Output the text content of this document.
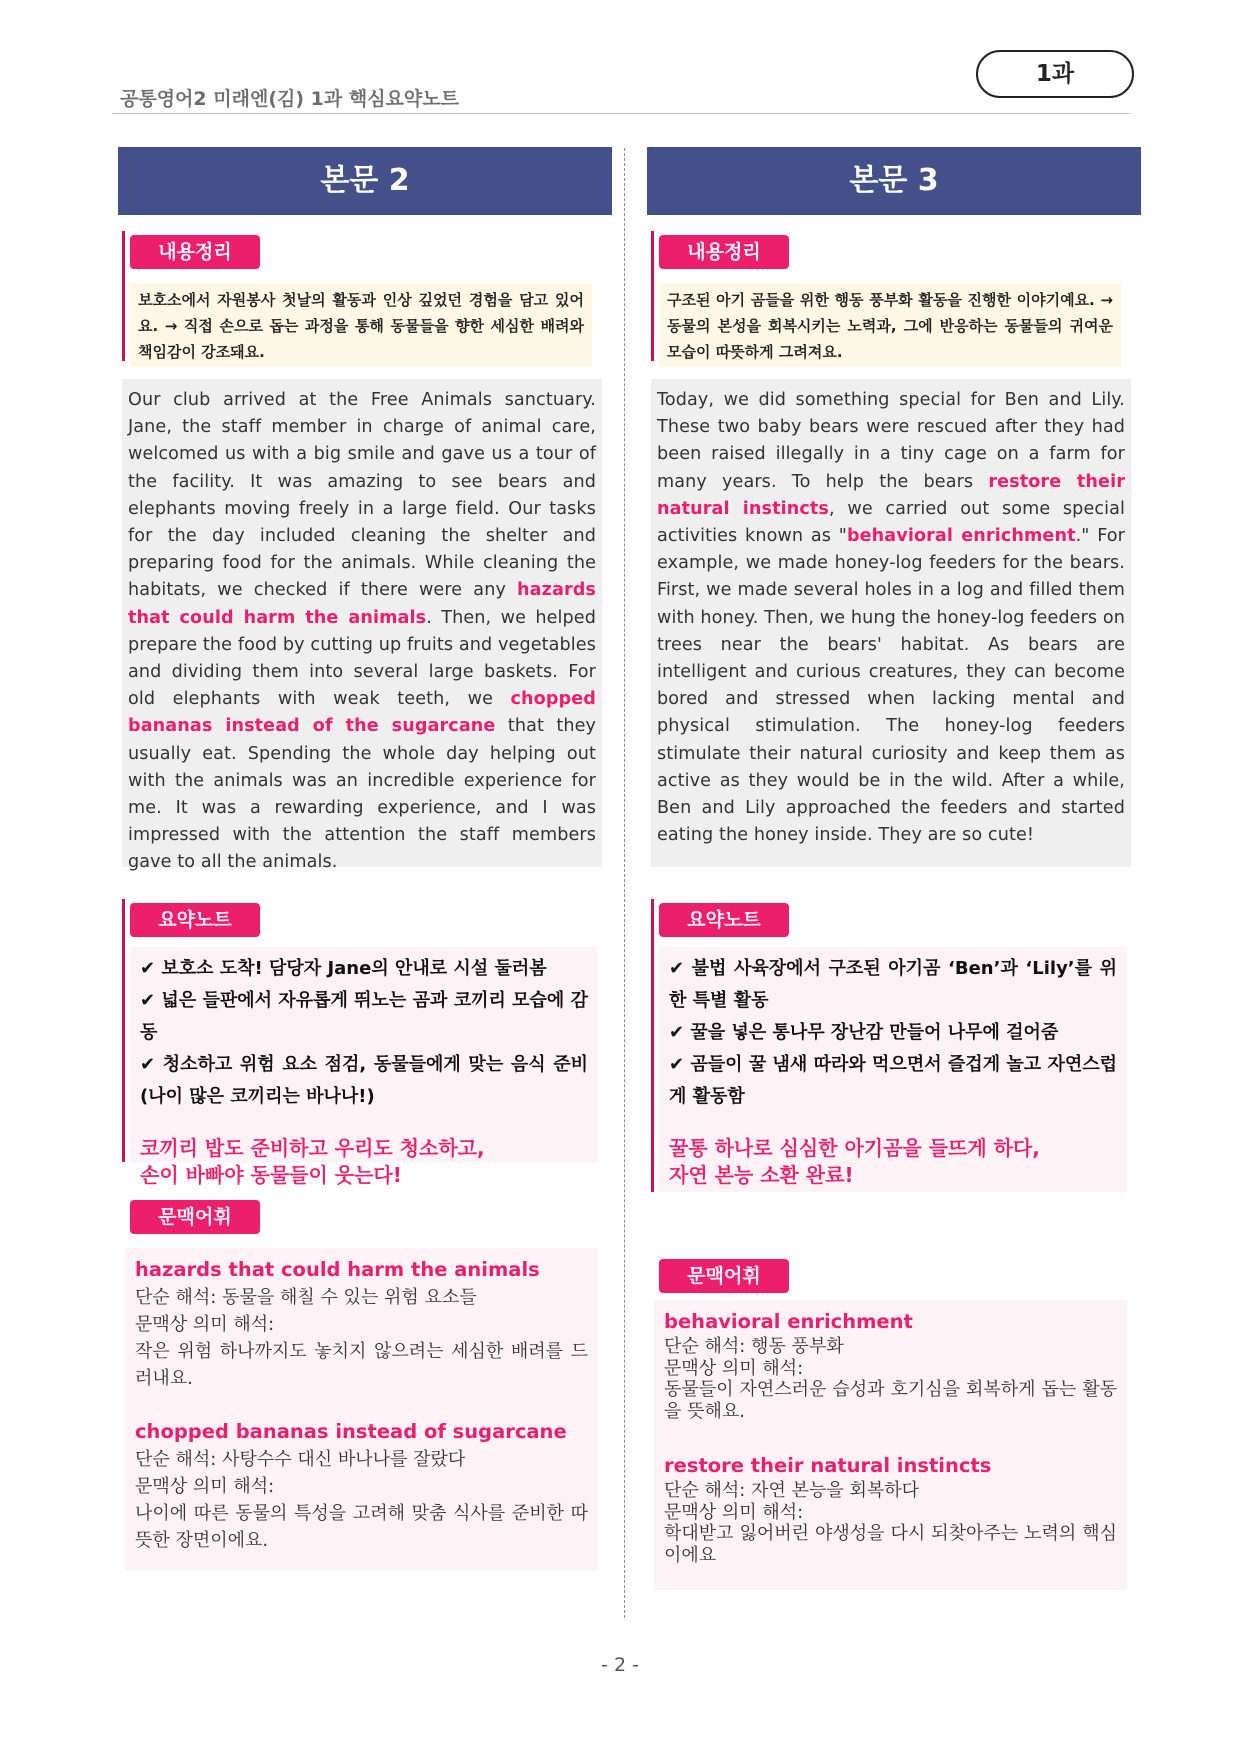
공통영어2 미래엔(김) 1과 핵심요약노트
1과
본문 2
내용정리
보호소에서 자원봉사 첫날의 활동과 인상 깊었던 경험을 담고 있어요. → 직접 손으로 돕는 과정을 통해 동물들을 향한 세심한 배려와 책임감이 강조돼요.
Our club arrived at the Free Animals sanctuary. Jane, the staff member in charge of animal care, welcomed us with a big smile and gave us a tour of the facility. It was amazing to see bears and elephants moving freely in a large field. Our tasks for the day included cleaning the shelter and preparing food for the animals. While cleaning the habitats, we checked if there were any hazards that could harm the animals. Then, we helped prepare the food by cutting up fruits and vegetables and dividing them into several large baskets. For old elephants with weak teeth, we chopped bananas instead of the sugarcane that they usually eat. Spending the whole day helping out with the animals was an incredible experience for me. It was a rewarding experience, and I was impressed with the attention the staff members gave to all the animals.
요약노트
✔ 보호소 도착! 담당자 Jane의 안내로 시설 둘러봄
✔ 넓은 들판에서 자유롭게 뛰노는 곰과 코끼리 모습에 감동
✔ 청소하고 위험 요소 점검, 동물들에게 맞는 음식 준비 (나이 많은 코끼리는 바나나!)
코끼리 밥도 준비하고 우리도 청소하고,
손이 바빠야 동물들이 웃는다!
문맥어휘
hazards that could harm the animals
단순 해석: 동물을 해칠 수 있는 위험 요소들
문맥상 의미 해석:
작은 위험 하나까지도 놓치지 않으려는 세심한 배려를 드러내요.
chopped bananas instead of sugarcane
단순 해석: 사탕수수 대신 바나나를 잘랐다
문맥상 의미 해석:
나이에 따른 동물의 특성을 고려해 맞춤 식사를 준비한 따뜻한 장면이에요.
본문 3
내용정리
구조된 아기 곰들을 위한 행동 풍부화 활동을 진행한 이야기예요. → 동물의 본성을 회복시키는 노력과, 그에 반응하는 동물들의 귀여운 모습이 따뜻하게 그려져요.
Today, we did something special for Ben and Lily. These two baby bears were rescued after they had been raised illegally in a tiny cage on a farm for many years. To help the bears restore their natural instincts, we carried out some special activities known as "behavioral enrichment." For example, we made honey-log feeders for the bears. First, we made several holes in a log and filled them with honey. Then, we hung the honey-log feeders on trees near the bears' habitat. As bears are intelligent and curious creatures, they can become bored and stressed when lacking mental and physical stimulation. The honey-log feeders stimulate their natural curiosity and keep them as active as they would be in the wild. After a while, Ben and Lily approached the feeders and started eating the honey inside. They are so cute!
요약노트
✔ 불법 사육장에서 구조된 아기곰 ‘Ben’과 ‘Lily’를 위한 특별 활동
✔ 꿀을 넣은 통나무 장난감 만들어 나무에 걸어줌
✔ 곰들이 꿀 냄새 따라와 먹으면서 즐겁게 놀고 자연스럽게 활동함
꿀통 하나로 심심한 아기곰을 들뜨게 하다,
자연 본능 소환 완료!
문맥어휘
behavioral enrichment
단순 해석: 행동 풍부화
문맥상 의미 해석:
동물들이 자연스러운 습성과 호기심을 회복하게 돕는 활동을 뜻해요.
restore their natural instincts
단순 해석: 자연 본능을 회복하다
문맥상 의미 해석:
학대받고 잃어버린 야생성을 다시 되찾아주는 노력의 핵심이에요
- 2 -
